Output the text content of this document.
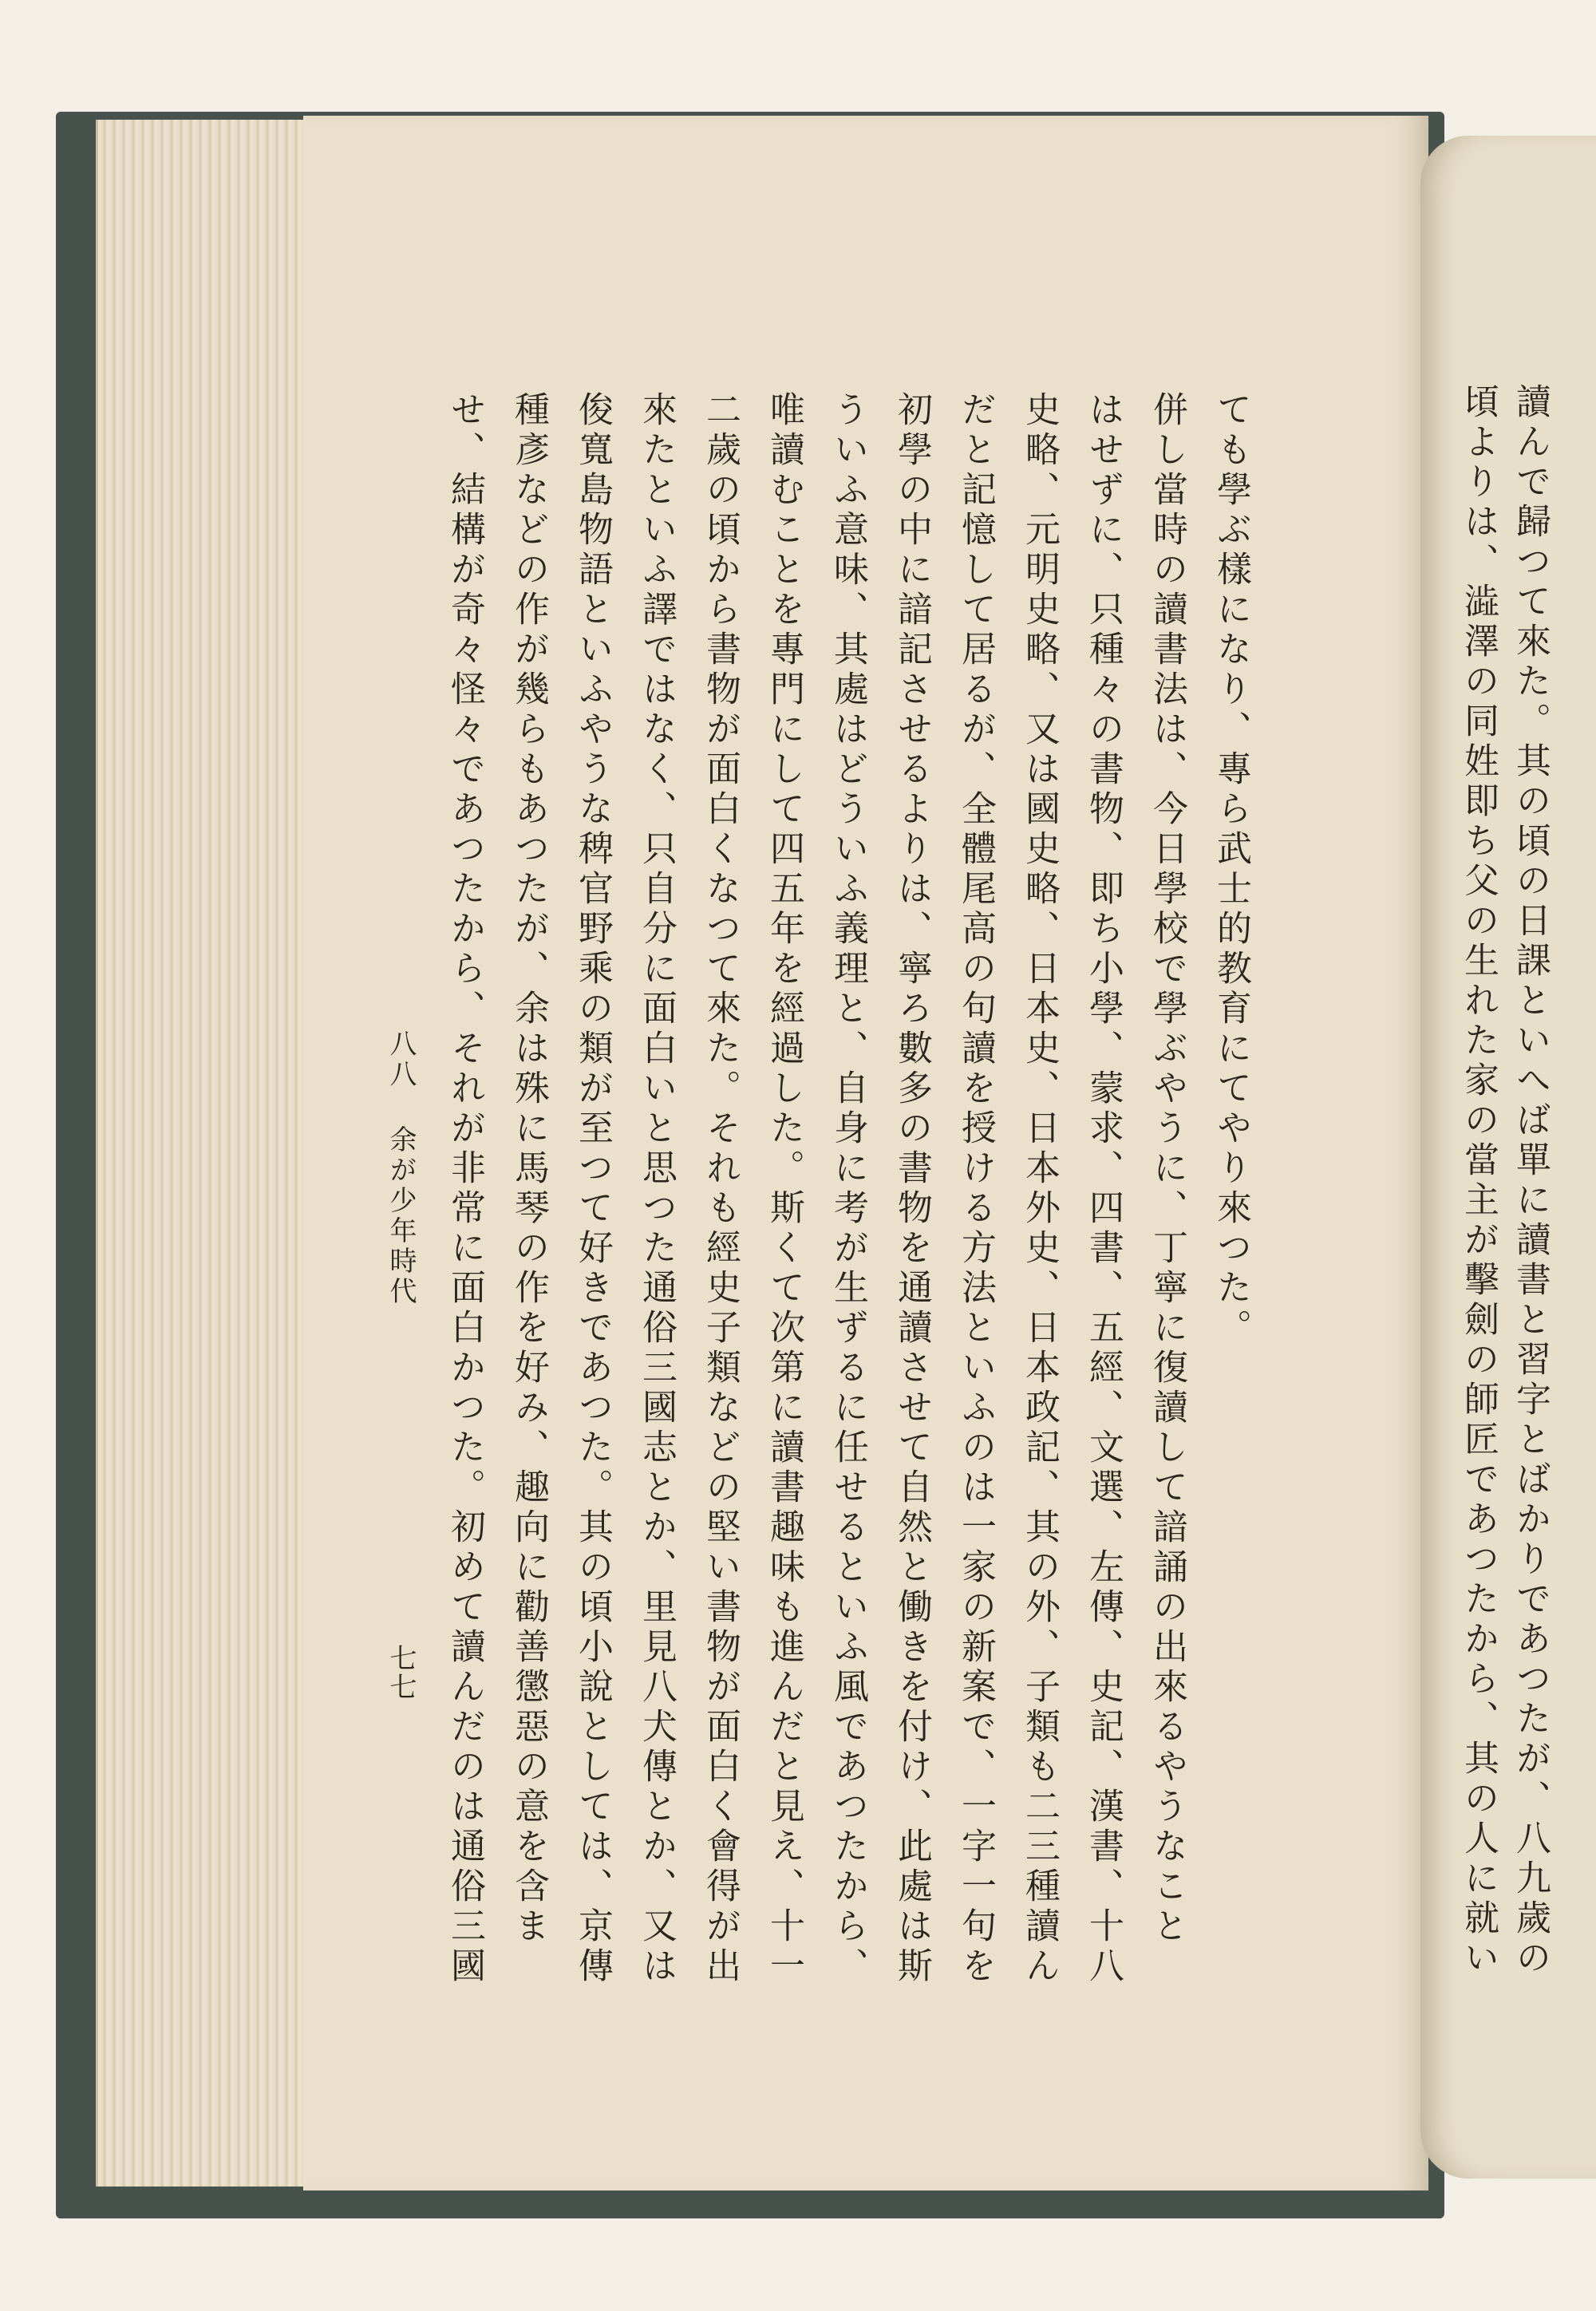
讀んで歸つて來た。其の頃の日課といへば單に讀書と習字とばかりであつたが、八九歲の
頃よりは、澁澤の同姓即ち父の生れた家の當主が擊劍の師匠であつたから、其の人に就い
ても學ぶ樣になり、專ら武士的教育にてやり來つた。
併し當時の讀書法は、今日學校で學ぶやうに、丁寧に復讀して諳誦の出來るやうなこと
はせずに、只種々の書物、即ち小學、蒙求、四書、五經、文選、左傳、史記、漢書、十八
史略、元明史略、又は國史略、日本史、日本外史、日本政記、其の外、子類も二三種讀ん
だと記憶して居るが、全體尾高の句讀を授ける方法といふのは一家の新案で、一字一句を
初學の中に諳記させるよりは、寧ろ數多の書物を通讀させて自然と働きを付け、此處は斯
ういふ意味、其處はどういふ義理と、自身に考が生ずるに任せるといふ風であつたから、
唯讀むことを專門にして四五年を經過した。斯くて次第に讀書趣味も進んだと見え、十一
二歲の頃から書物が面白くなつて來た。それも經史子類などの堅い書物が面白く會得が出
來たといふ譯ではなく、只自分に面白いと思つた通俗三國志とか、里見八犬傳とか、又は
俊寬島物語といふやうな稗官野乘の類が至つて好きであつた。其の頃小說としては、京傳
種彥などの作が幾らもあつたが、余は殊に馬琴の作を好み、趣向に勸善懲惡の意を含ま
せ、結構が奇々怪々であつたから、それが非常に面白かつた。初めて讀んだのは通俗三國
八八
余が少年時代
七七
